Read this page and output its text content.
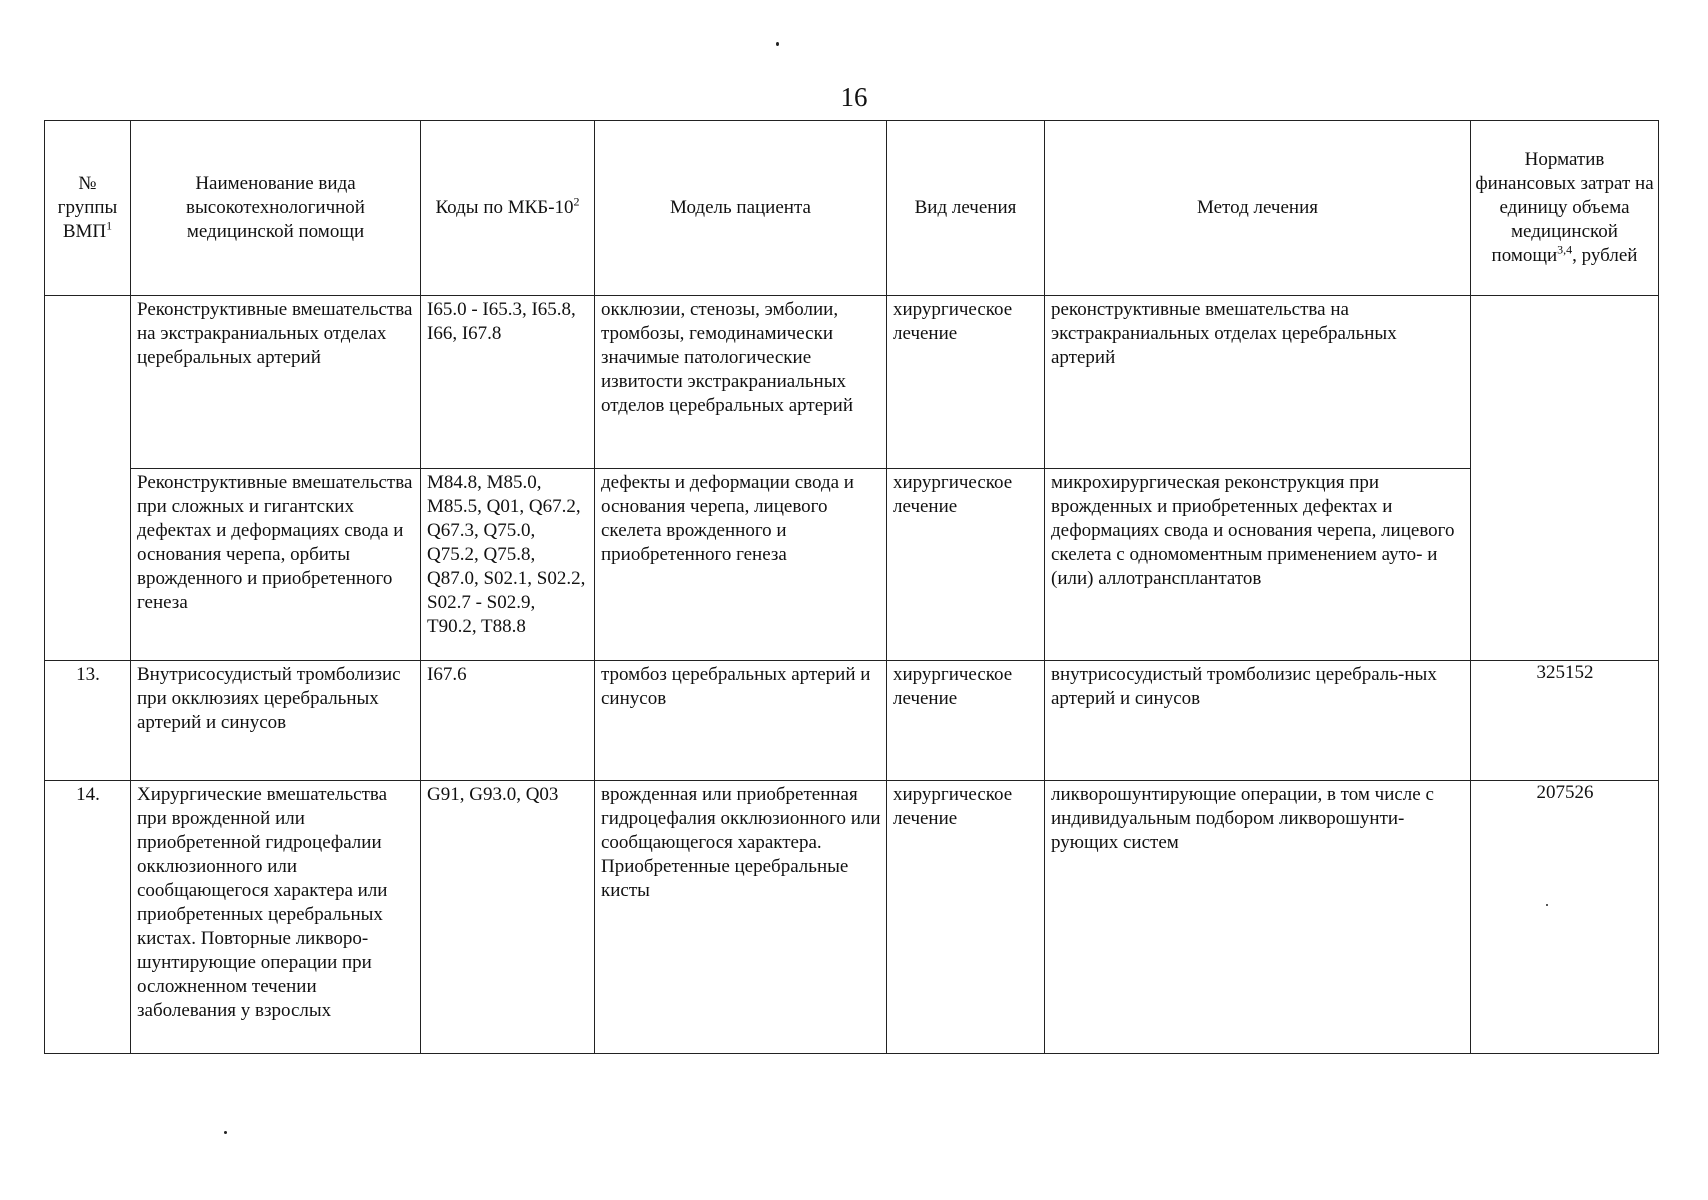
16
№ группы ВМП$^1$	Наименование вида высокотехнологичной медицинской помощи	Коды по МКБ-$10^2$	Модель пациента	Вид лечения	Метод лечения	Норматив финансовых затрат на единицу объема медицинской помощи$^{3,4}$, рублей
	Реконструктивные вмешательства на экстракраниальных отделах церебральных артерий	I65.0 - I65.3, I65.8, I66, I67.8	окклюзии, стенозы, эмболии, тромбозы, гемодинамически значимые патологические извитости экстракраниальных отделов церебральных артерий	хирургическое лечение	реконструктивные вмешательства на экстракраниальных отделах церебральных артерий	
	Реконструктивные вмешательства при сложных и гигантских дефектах и деформациях свода и основания черепа, орбиты врожденного и приобретенного генеза	M84.8, M85.0, M85.5, Q01, Q67.2, Q67.3, Q75.0, Q75.2, Q75.8, Q87.0, S02.1, S02.2, S02.7 - S02.9, T90.2, T88.8	дефекты и деформации свода и основания черепа, лицевого скелета врожденного и приобретенного генеза	хирургическое лечение	микрохирургическая реконструкция при врожденных и приобретенных дефектах и деформациях свода и основания черепа, лицевого скелета с одномоментным применением ауто- и (или) аллотрансплантатов	
13.	Внутрисосудистый тромболизис при окклюзиях церебральных артерий и синусов	I67.6	тромбоз церебральных артерий и синусов	хирургическое лечение	внутрисосудистый тромболизис церебраль-ных артерий и синусов	325152
14.	Хирургические вмешательства при врожденной или приобретенной гидроцефалии окклюзионного или сообщающегося характера или приобретенных церебральных кистах. Повторные ликворо-шунтирующие операции при осложненном течении заболевания у взрослых	G91, G93.0, Q03	врожденная или приобретенная гидроцефалия окклюзионного или сообщающегося характера. Приобретенные церебральные кисты	хирургическое лечение	ликворошунтирующие операции, в том числе с индивидуальным подбором ликворошунти-рующих систем	207526
